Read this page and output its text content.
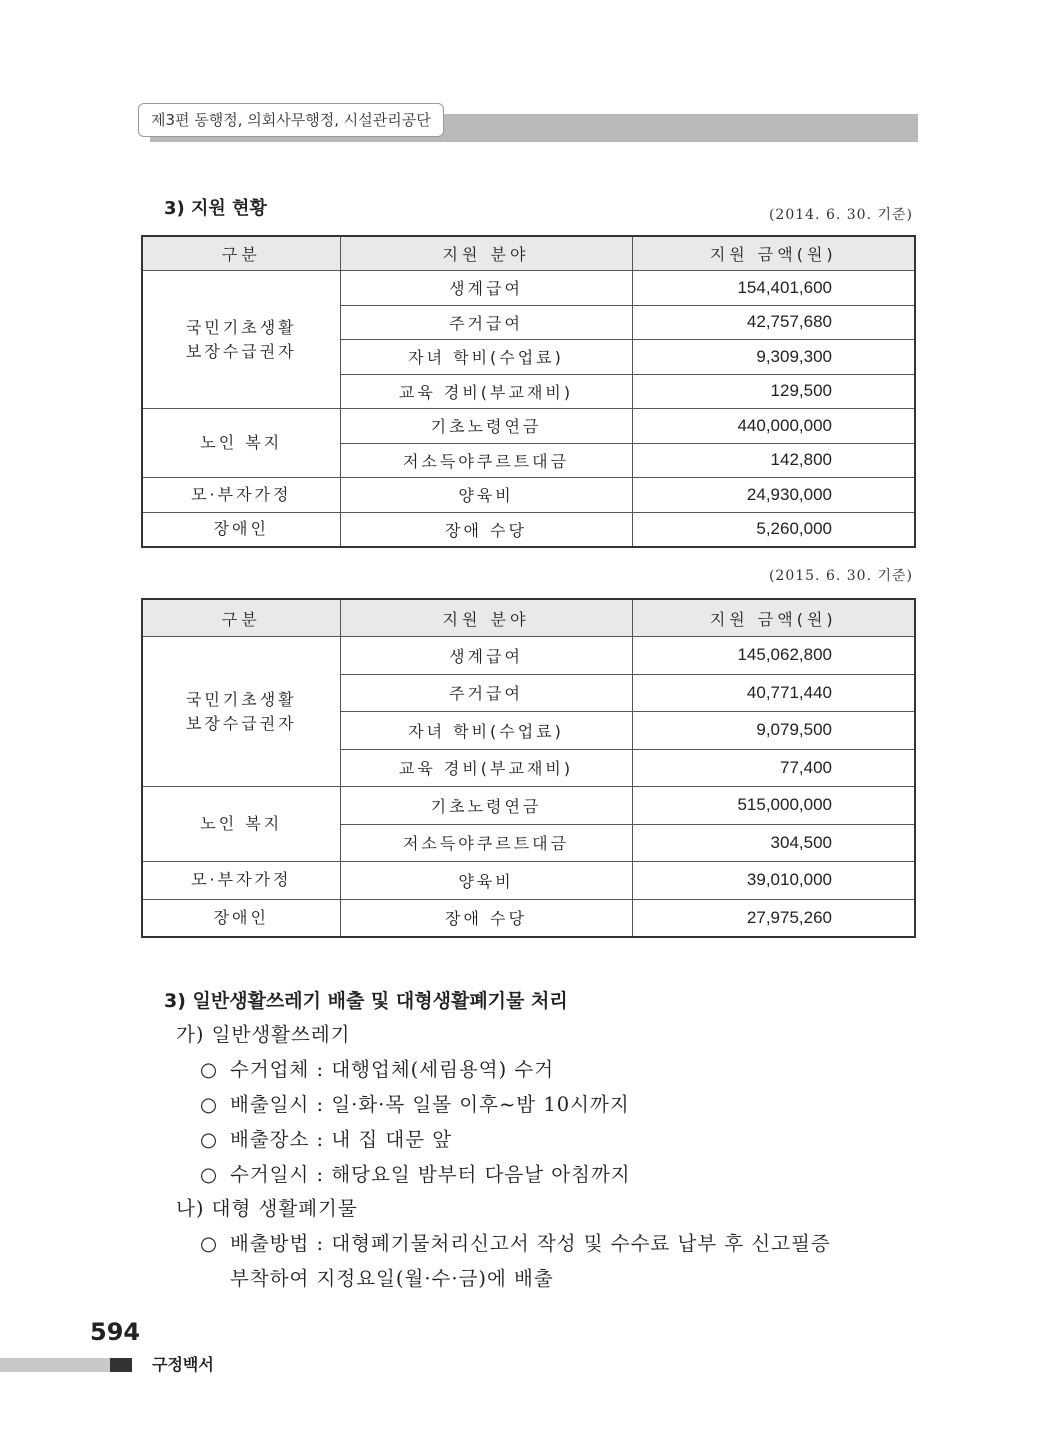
제3편 동행정, 의회사무행정, 시설관리공단
3) 지원 현황	(2014. 6. 30. 기준)
구분	지원 분야	지원 금액(원)
국민기초생활
보장수급권자	생계급여	154,401,600
	주거급여	42,757,680
	자녀 학비(수업료)	9,309,300
	교육 경비(부교재비)	129,500
노인 복지	기초노령연금	440,000,000
	저소득야쿠르트대금	142,800
모·부자가정	양육비	24,930,000
장애인	장애 수당	5,260,000
(2015. 6. 30. 기준)
구분	지원 분야	지원 금액(원)
국민기초생활
보장수급권자	생계급여	145,062,800
	주거급여	40,771,440
	자녀 학비(수업료)	9,079,500
	교육 경비(부교재비)	77,400
노인 복지	기초노령연금	515,000,000
	저소득야쿠르트대금	304,500
모·부자가정	양육비	39,010,000
장애인	장애 수당	27,975,260
3) 일반생활쓰레기 배출 및 대형생활폐기물 처리
가) 일반생활쓰레기
○ 수거업체 : 대행업체(세림용역) 수거
○ 배출일시 : 일·화·목 일몰 이후~밤 10시까지
○ 배출장소 : 내 집 대문 앞
○ 수거일시 : 해당요일 밤부터 다음날 아침까지
나) 대형 생활폐기물
○ 배출방법 : 대형폐기물처리신고서 작성 및 수수료 납부 후 신고필증
부착하여 지정요일(월·수·금)에 배출
594
구정백서
